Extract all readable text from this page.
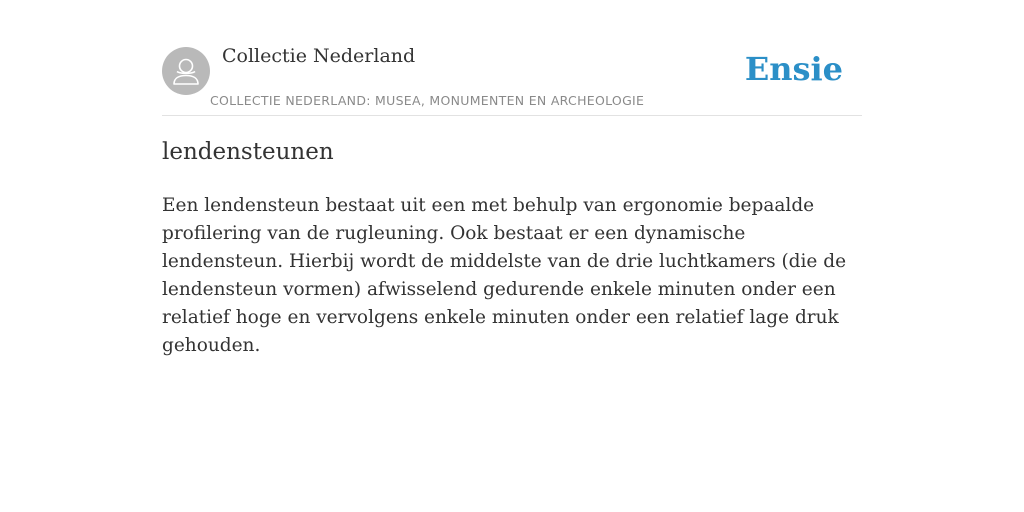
Collectie Nederland
COLLECTIE NEDERLAND: MUSEA, MONUMENTEN EN ARCHEOLOGIE
Ensie
lendensteunen

Een lendensteun bestaat uit een met behulp van ergonomie bepaalde profilering van de rugleuning. Ook bestaat er een dynamische lendensteun. Hierbij wordt de middelste van de drie luchtkamers (die de lendensteun vormen) afwisselend gedurende enkele minuten onder een relatief hoge en vervolgens enkele minuten onder een relatief lage druk gehouden.
